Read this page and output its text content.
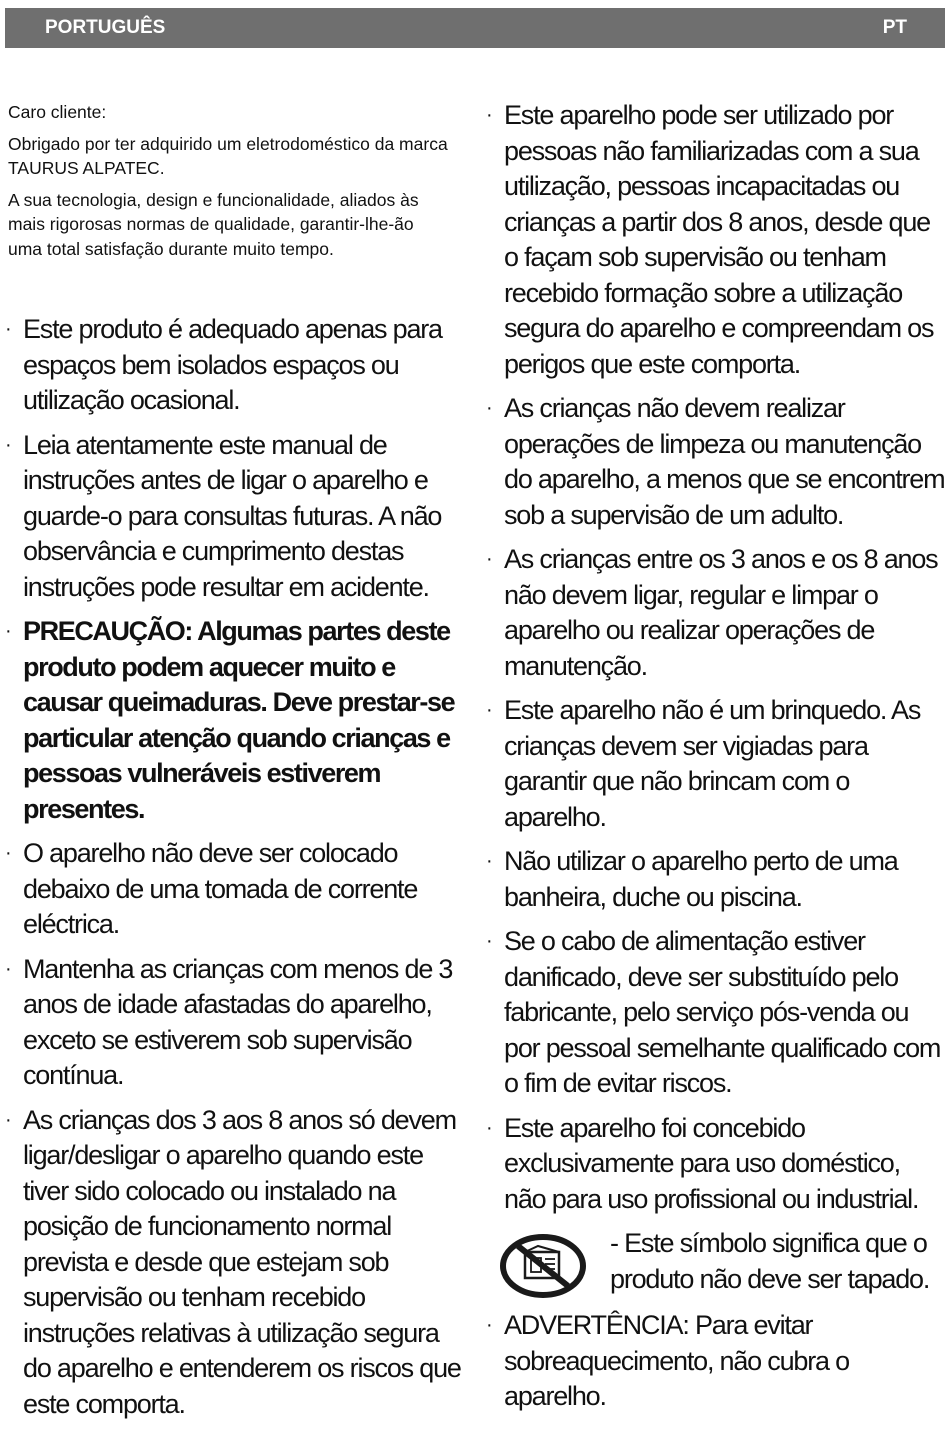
PORTUGUÊS	PT

Caro cliente:

Obrigado por ter adquirido um eletrodoméstico da marca TAURUS ALPATEC.

A sua tecnologia, design e funcionalidade, aliados às mais rigorosas normas de qualidade, garantir-lhe-ão uma total satisfação durante muito tempo.

· Este produto é adequado apenas para espaços bem isolados espaços ou utilização ocasional.
· Leia atentamente este manual de instruções antes de ligar o aparelho e guarde-o para consultas futuras. A não observância e cumprimento destas instruções pode resultar em acidente.
· PRECAUÇÃO: Algumas partes deste produto podem aquecer muito e causar queimaduras. Deve prestar-se particular atenção quando crianças e pessoas vulneráveis estiverem presentes.
· O aparelho não deve ser colocado debaixo de uma tomada de corrente eléctrica.
· Mantenha as crianças com menos de 3 anos de idade afastadas do aparelho, exceto se estiverem sob supervisão contínua.
· As crianças dos 3 aos 8 anos só devem ligar/desligar o aparelho quando este tiver sido colocado ou instalado na posição de funcionamento normal prevista e desde que estejam sob supervisão ou tenham recebido instruções relativas à utilização segura do aparelho e entenderem os riscos que este comporta.
· Este aparelho pode ser utilizado por pessoas não familiarizadas com a sua utilização, pessoas incapacitadas ou crianças a partir dos 8 anos, desde que o façam sob supervisão ou tenham recebido formação sobre a utilização segura do aparelho e compreendam os perigos que este comporta.
· As crianças não devem realizar operações de limpeza ou manutenção do aparelho, a menos que se encontrem sob a supervisão de um adulto.
· As crianças entre os 3 anos e os 8 anos não devem ligar, regular e limpar o aparelho ou realizar operações de manutenção.
· Este aparelho não é um brinquedo. As crianças devem ser vigiadas para garantir que não brincam com o aparelho.
· Não utilizar o aparelho perto de uma banheira, duche ou piscina.
· Se o cabo de alimentação estiver danificado, deve ser substituído pelo fabricante, pelo serviço pós-venda ou por pessoal semelhante qualificado com o fim de evitar riscos.
· Este aparelho foi concebido exclusivamente para uso doméstico, não para uso profissional ou industrial.
- Este símbolo significa que o produto não deve ser tapado.
· ADVERTÊNCIA: Para evitar sobreaquecimento, não cubra o aparelho.
